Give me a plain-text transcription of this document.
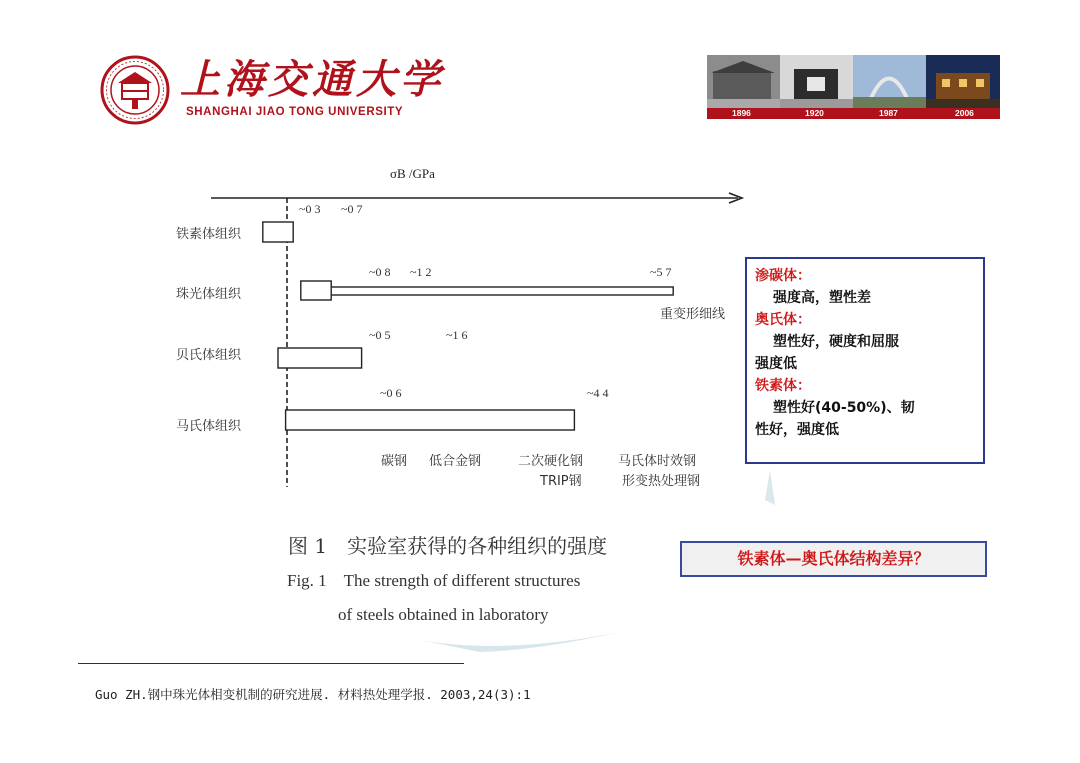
上海交通大学
SHANGHAI JIAO TONG UNIVERSITY	1896	1920	1987	2006
σB /GPa
铁素体组织
珠光体组织
贝氏体组织
马氏体组织
~0 3 ~0 7
~0 8 ~1 2	~5 7
重变形细线
~0 5	~1 6
~0 6	~4 4
碳钢 低合金钢	二次硬化钢	马氏体时效钢
TRIP钢	形变热处理钢
图 1　实验室获得的各种组织的强度
Fig. 1　The strength of different structures
of steels obtained in laboratory
渗碳体：
强度高，塑性差
奥氏体：
塑性好，硬度和屈服
强度低
铁素体：
塑性好(40-50%)、韧
性好，强度低
铁素体—奥氏体结构差异？
Guo ZH.钢中珠光体相变机制的研究进展. 材料热处理学报. 2003,24(3):1
